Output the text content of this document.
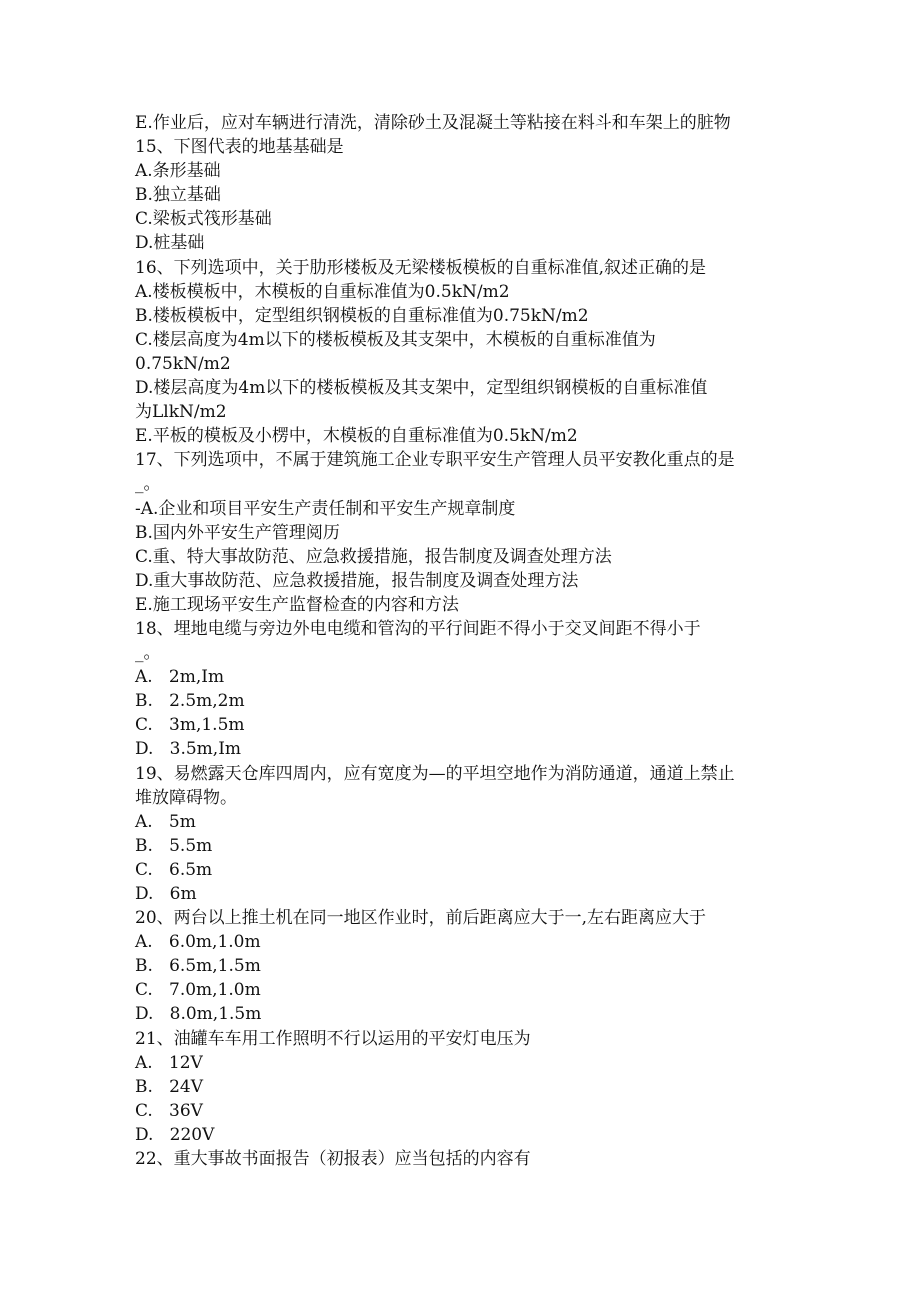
E.作业后，应对车辆进行清洗，清除砂土及混凝土等粘接在料斗和车架上的脏物
15、下图代表的地基基础是
A.条形基础
B.独立基础
C.梁板式筏形基础
D.桩基础
16、下列选项中，关于肋形楼板及无梁楼板模板的自重标准值,叙述正确的是
A.楼板模板中，木模板的自重标准值为0.5kN∕m2
B.楼板模板中，定型组织钢模板的自重标准值为0.75kN∕m2
C.楼层高度为4m以下的楼板模板及其支架中，木模板的自重标准值为
0.75kN∕m2
D.楼层高度为4m以下的楼板模板及其支架中，定型组织钢模板的自重标准值
为LlkN/m2
E.平板的模板及小楞中，木模板的自重标准值为0.5kN∕m2
17、下列选项中，不属于建筑施工企业专职平安生产管理人员平安教化重点的是
_。
-A.企业和项目平安生产责任制和平安生产规章制度
B.国内外平安生产管理阅历
C.重、特大事故防范、应急救援措施，报告制度及调查处理方法
D.重大事故防范、应急救援措施，报告制度及调查处理方法
E.施工现场平安生产监督检查的内容和方法
18、埋地电缆与旁边外电电缆和管沟的平行间距不得小于交叉间距不得小于
_。
A.   2m,Im
B.   2.5m,2m
C.   3m,1.5m
D.   3.5m,Im
19、易燃露天仓库四周内，应有宽度为—的平坦空地作为消防通道，通道上禁止
堆放障碍物。
A.   5m
B.   5.5m
C.   6.5m
D.   6m
20、两台以上推土机在同一地区作业时，前后距离应大于一,左右距离应大于
A.   6.0m,1.0m
B.   6.5m,1.5m
C.   7.0m,1.0m
D.   8.0m,1.5m
21、油罐车车用工作照明不行以运用的平安灯电压为
A.   12V
B.   24V
C.   36V
D.   220V
22、重大事故书面报告（初报表）应当包括的内容有
